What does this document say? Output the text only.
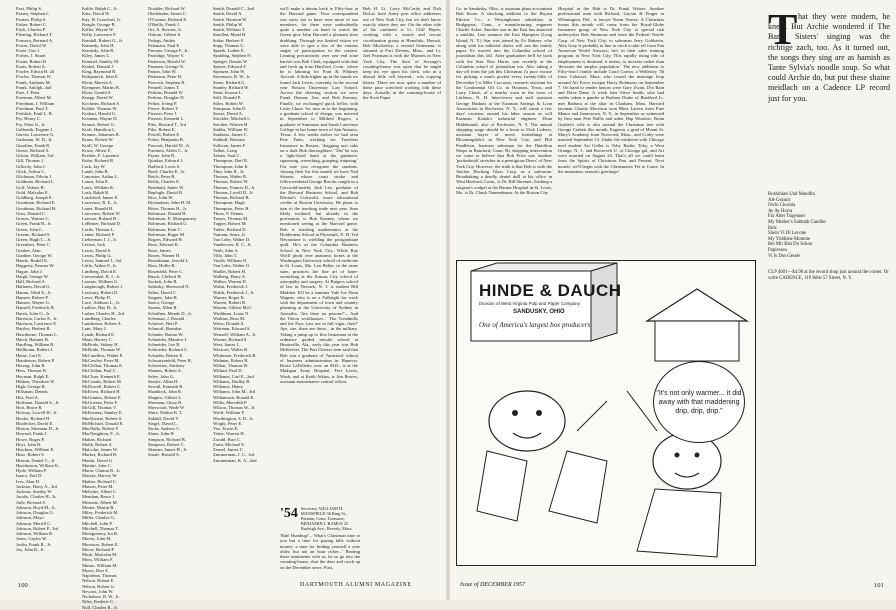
Faxt, Philip S.
Fearey, Stephen L.
Fenton, Philip S.
Fisher, Robert C.
Fitch, Charles F.
Fleming, Richard T.
Fonseca, Bernard A.
Fower, David W.
Foote, Gus J.
Forbes, J. Stuart
Foster, Robert B.
Fouts, Robert A.
Fowler, Edwin H. 2d
Fowler, Thomas W.
Frank, Anthony M.
Frank, Adolph, 2nd
Free, J. Peter
Freeman, Albert M.
Friedman, J. William
Friedman, Paul T.
Froblich, Emil L. B.
Fry, Henry C.
Fry, Peter G., Jr.
Galbraith, Eugene J.
Garvin, Lawrence G.
Gashman, W. D., Jr.
Giardino, Frank R.
Gieser, Richard A.
Gilson, William, 3rd
Gill, Thomas J.
Gillooly, John J.
Glick, Arthur C.
Glickman, Edwin J.
Goldman, Richard L.
Goff, Volney B.
Gold, Malcolm E.
Goldberg, Joseph E.
Goodman, Richard E.
Goodman, Richard H.
Goss, Donald C.
Graves, Warner C.
Green, Frank R., Jr.
Green, John C.
Greene, Richard S.
Green, Hugh C., Jr.
Greenlees, Peter C.
Grether, Alan
Gunther, George W.
Haerle, Rudolf K.
Haggerty, Pasmer W.
Hague, John J.
Haigh, George W.
Hall, Richard A.
Hallaren, David G.
Hamm, Ward E., Jr.
Hansen, Robert P.
Hansen, Wayne G.
Hansell, Frederick R.
Harris, John G., Jr.
Harrison, Carlos E., Jr.
Harrison, Lawrence E.
Hartley, Herbert R.
Hawthorne, Thomas L.
Hatch, Hamner B.
Haufling, William R.
Heilbronn, Robert J.
Heinz, Carl E.
Henderson, Robert P.
Herzog, John B.
Hess, Thomas B.
Heyman, Ralph E.
Hibben, Theodore W.
High, George B.
Hillsman, Dennis
Hitt, Fred A.
Hoffman, Donald S., Jr.
Hoit, Bruce R.
Holway, Lowell H., Jr.
Hooke, Richard H.
Hordecker, David E.
Horton, Sherman D., Jr.
Howard, Frank J.
Howe, Roger P.
Hoyt, John B.
Hutchins, William E.
Huse, Robert S.
Huston, Daniel C., Jr.
Hutchinson, William K.
Hyde, William F.
Isaacs, Earl D.
Ives, Alan H.
Jackson, Harry A., 3rd
Jackson, Stanley W.
Jacobs, Charles H., Jr.
Jaffe, Richard S.
Johnson, Boyd M., Jr.
Johnson, Douglas G.
Johnson, Mayo
Johnson, Merrill C.
Johnson, Robert P., 3rd
Johnson, William R.
Jones, Gaylor W.
Joslin, Frank R., Jr.
Joy, John R., Jr.
Kahle, Ralph C., Jr.
Katz, David W.
Kay, H. Crawford, Jr.
Keagle, George B.
Keller, Wayne W.
Kelly, Lawrence F.
Kendall, Robert G., Jr.
Kennedy, John H.
Kennedy, John R.
Kiley, James L.
Kimmel, Stanley M.
Kinkel, Donald J.
King, Raymond B.
Kirkpatrick, John E.
Klein, Marvin A.
Klempner, Martin B.
Klotz, Gerald S.
Knapp, David W.
Kocheim, Richard S.
Kohler, Thomas W.
Kothari, Harold G.
Kotanen, Wayne D.
Krause, Robert G.
Kraft, Hamilton L.
Kramer, Johannes R.
Kraus, Robert W.
Krull, W. George
Kruse, Albert F.
Kreider, F. Laurence
Kuhn, Richard B.
Lack, Jay W.
Lamb, John B.
Lancaster, Arthur L.
Lanza, John E.
Larry, William R.
Lash, Ralph R.
Latchford, James E.
Lawrence, R. E., Jr.
Lauer, Ronald H.
Lawrence, Robert W.
Lawson, Roland B.
LeBeuter, Richard D.
Leeds, Thomas L.
Lenter, Richard F.
Lieberman, I. J., Jr.
Levine, Jack
Lewis, David S.
Lewis, Philip G.
Lewis, Samuel J., 3rd
Little, Arthur F., Jr.
Lindberg, David E.
Loewenthal, R. J., Jr.
Loomis, William G.
Longbrough, Robert J.
Lowbury, Robert D.
Lowe, Philip D.
Luce, Addison L., Jr.
Ludlow, Ray H., Jr.
Luther, Charles H., 3rd
Lundberg, Charles
Lundstrom, Robert A.
Lunt, Mary J.
Lynah, Richard E.
Maas, Harvey C.
McBride, Sidney H.
McBride, Thomas W.
McCandless, Walter P.
McCawley, Peter M.
McClellan, Thomas E.
McClellan, Paul C.
McClure, Kenneth E.
McCombs, Robert M.
McDowell, Robert C.
McEwen, Richard H.
McGinniss, Robert E.
McGovern, Peter F.
McGill, Thomas V.
McKenney, Stanley E.
MacKenzie, Robert S.
McMichael, Donald E.
MacNally, Robert F.
MacNaughton, F., Jr.
Mahan, Richard
Malik, Robert A.
Malcolm, James W.
Marker, Richard B.
Martin, David G.
Martini, John C.
Marra, Clinton R., Jr.
Massey, Harvey W.
Mather, Richard C.
Matson, Peter M.
Melicher, Albert C.
Mendam, Bruce J.
Meseritz, Albert M.
Mester, Martin B.
Miley, Frederick M.
Miller, Charles G.
Mitchell, John P.
Mitchell, Thomas T.
Montgomery, Ira B.
Morris, John M.
Morrison, Robert E.
Morse, Richard P.
Mosk, Malcolm M.
Moss, William F.
Munro, William M.
Myers, Don A.
Napoleon, Thomas
Nelson, Robert E.
Nelson, Robert G.
Newton, John W.
Nicholson, R. W., Jr.
Niles, Frederic C.
Noll, Charles R., Jr.
Noulder, Richard W.
Oberlander, James C.
O'Connor, Richard E.
O'Reilly, Frank J.
Orr, A. Stewart, Jr.
Osborn, Gilbert S.
Padegs, Andris
Palamara, Paul E.
Parsons, George F., Jr.
Partridge, Wayne V.
Patterson, Harold W.
Pasanen, George N.
Patton, John W.
Patterson, Peter H.
Peacock, Stephen R.
Pennell, James T.
Perkins, Donald W.
Perkins, Douglas D.
Peiker, Irving P.
Pierce, Robert T.
Pierson, Peter J.
Pierson, Kenneth L.
Pitts, Howard T., 3rd
Pike, Robert E.
Powell, Robert E.
Potter, Benjamin B.
Prescott, Harold W., Jr.
Purinton, Alden C., Jr.
Payne, John B.
Quinlan, Edward J.
Radford, Louis S.
Reed, Charles E., Jr.
Reich, Peter B.
Reilly, Charles E.
Reinhard, James W.
Replogle, David R.
Rice, John W.
Richardson, John H. M.
Ritter, Thomas H., Jr.
Robinson, Donald H.
Robinson, E. Montgomery
Robinson, Richard G.
Robinson, Kent C.
Robinson, Roger M.
Rogers, Edward H.
Rose, Edward K.
Rose, James
Rosen, Warner H.
Rosenbaum, Jerrold L.
Ross, Hollis R.
Rosenfeld, Peter C.
Rusch, Clifford H.
Sackett, John R.
Salinsky, Sherwood N.
Salter, David C.
Sargent, John R.
Sartor, George
Sauers, Allen R.
Schaffner, Meade D., Jr.
Scheman, J. Ronald
Schiever, Bert P.
Schmoff, Brandon
Schuder, Barton W.
Schneider, Maurice J.
Schneider, Lee B.
Schroeder, Richard C.
Schaefer, Robert E.
Schwarzenfeld, Peter B.
Schweizer, Anthony
Shaines, Robert A.
Selee, John G.
Sessler, Allan H.
Sewall, Kenneth R.
Shaddock, John R.
Shapiro, Gilbert L.
Sherman, Oscar R.
Sherwood, Wade W.
Shire, Walton K. T.
Siddall, David V.
Siegel, David L.
Sachs, Andrew C.
Slater, John H.
Simpson, Richard B.
Sampson, Robert C.
Skinner, James H., Jr.
Smale, Russell S.
Smith, Donald C., 2nd
Smith, David A.
Smith, Harmon W.
Smith, Philip W.
Smith, William T.
Smollen, Mead H.
Sohar, Herbert F.
Sopp, Thomas C.
Spaeth, Luther E.
Spalding, Stephen N.
Spiegel, Dennis W.
Spitzer, Edward F.
Sprinzer, John W.
Stevenson, R. W., Jr.
Stone, Richard G.
Stanley, Richard W.
Stein, Jerome L.
Stiff, Donald P.
Stiles, Robert W.
Stimpson, John D.
Stowe, David A.
Strickler, Mitchell L.
Strother, Warren H.
Stubbs, William W.
Studness, James C.
Sudduff, Bertram
Sullivan, James F.
Talbot, Craig
Talaeo, Saul C.
Thompson, Darl R.
Thompson, John K.
Thin, John R., Jr.
Thomas, Walter R.
Thomas, Robert W.
Thomas, Francis D., Jr.
Thomas, Lovell D., Jr.
Thomas, Richard B.
Thompson, Hugh
Thompson, Peter H.
Thrax, P. Dennis
Trayes, Thomas M.
Tupper, Robert M.
Tutlee, Richard D.
Varnum, Sears, Jr.
Van Lobe, Walter D.
Vanderveer, R. C., Jr.
Veith, John A.
Villa, John T.
Vitalis, William N.
Von Lehe, Walter O.
Wadler, Robert H.
Walberg, Harry E.
Walker, Warren D.
Walsh, Frederick J.
Walsh, Frederick J., Jr.
Warner, Roger K.
Warren, Robert B.
Warren, Gilbert McC.
Washburn, Louis N.
Watkins, Ross M.
Weiss, Donald A.
Weitman, Edward S.
Wenzell, William A., Jr.
Werner, Richard S.
West, James L.
Westcott, Walter R.
Whitmore, Frederick B.
Widman, Robert H.
Wilbur, Thomas W.
Willard, Paul D.
Williams, Carl E., 2nd
Williams, Dudley R.
Williams, Henry
Williams, John M., 3rd
Williamson, Ronald E.
Willis, Meredith P.
Wilson, Thomas W., Jr.
Wolff, William F.
Worthington, S. D., Jr.
Wright, Peter E.
Yeo, Erwin E.
Yetter, Warren H.
Zacahl, Burt C.
Zarin, Michael S.
Zensel, James T.
Zimmerman, J. C., 3rd
Zimmerman, K. A., 2nd
we'll make a detour back to Fifty-four at the Harvard game. Your correspondent was sorry not to have seen more of our members, for there were undoubtedly quite a number on hand to watch the Green give John Harvard a pleasant shoe drubbing. Through our limited vision we were able to spot a few of the various stages of participation in the contest. Leaning precariously over one end zone barrier was Bob Clark, equipped with date and fresh up from Hartford, Conn., where he is laboring for Pratt & Whitney Aircraft. A little higher up in the stands we found Jack Lewis, currently in the second year Boston University Law School. Across the cheering section we were Frank Denton, Jess and Bob Kenney. Finally, we exchanged quick hellos with Lexie Chase. So, now as to the beginning, a graduate school of design, was married in September to Mildred Rogers, a graduate of Simmons and Sarah Lawrence College in her home town of San Antonio, Texas. A few weeks earlier we had seen Pete Yates, working for Travelers Insurance in Boston, 'dragging taxi cabs on a dark Hub thoroughfare.' 'Dat' be was a light-fixed hand at the guidance, squeezing, wrenching, grasping, traipsing.' I'm sure you recognize the students. Among their list this month we have Ned Stearns, whose court stroke and fellowweekend George Brooks caught in a Cotswold-nearby Jack Lee, graduate of the Harvard Business School, and Bob Denton's Cotswold, more educational credits at Boston University. He plans to turn to the teaching trade next year. Sure likely inclined, but already in the profession, is Bob Kenney, whom we mentioned seeing at the Harvard game. Bob is teaching mathematics at the Holderness School in Plymouth, N. H. Ted Nevasmore is wielding the postgraduate quill. He's at the Columbia Business School in New York City. While Ray Wolff plods over anatomic bones at the Washington University school of medicine in St. Louis, Mo. Len Belier, in the same state, practices the fine art of bone-wrenching at the Kansas City school of osteopathy and surgery. At Rutgers school of law in Newark, N. J. is student Bill Madden. It'll be a summer Vale Joe Dean Wagner, who is on a Fulbright for work with the department of town and country planning at the University of Sydney in Australia. 'Are there no prisons?'... And the Union workhouses...' The Treadmills and the Poor Law are in full vigor, then?' Aye, sire, there are these... in the military. Taking a jump up to first lieutenant at the ordnance guided missile school at Huntsville, Ala., early this year was Bob McKeever. The Port Chester item said that Bob was a graduate of 'Amistock' school of business administration in Hanover. Bruce LaFollette, now an M.D., is at the Madigan Army Hospital, Fort Lewis, Wash. and at Keith Atkins, is Jim Bowes, assistant maintenance control officer.
'54 Secretary, WILLIAM H. MANSFIELD 36 Ring St., Putnam, Conn. Treasurer, BENJAMIN J. RAMOS 25 Burleigh Ave., Beverly, Mass.
'Bah! Humbug!'... What's Christmas time to you but a time for paying bills without money; a time for finding yourself a year older, but not an hour richer...' Bearing these sentiments with us, let us go into the counting-house, shut the door and catch up on the December news. First,
Bob H. Lt. Larry McCardy and Dalt DuLac have Army post office addresses out of New York City, but we don't know exactly where they are. On the other side of the continent is Lt. Cliff Hayes, working with a search and rescue coordination group at Honolulu, Hawaii. Bob Mockerley, a second lieutenant, is situated at Fort Devens, Mass., and Lt. Joel Pearman is with the Marines in New York City. The door of Scrooge's counting-house was open that he might keep his eye upon his clerk, who in a dismal little cell beyond... was copying letters. There are now quite a number of these poor wretched working folk these days. Actually in the counting-house of the Scott Paper
100	DARTMOUTH ALUMNI MAGAZINE
Co. in Sandusky, Ohio, is assistant plant accountant Bob Incan. A shocking addition to the Bryant Electric Co., a Westinghouse subsidiary in Bridgeport, Conn., a manufacturing engineer Charlie Acker. Another star in the East has attracted a satellite. Last summer the East Hampton (Long Island, N. Y.) Star was joined by Ev Rattner, who along with his editorial duties will run the family paper. Ev moved into the Columbia school of journalism this fall. After graduation he'll be back with the Star. Ron Harris was recently at the Columbia school of journalism too. Also taking a day-off from the job this Christmas ('a poor excuse for picking a man's pocket every twenty-fifth of December') is Mike Corcoran, research assistant for the Continental Oil Co. in Houston, Texas, and Larry Chase, of a nearby town in the town of Littleton, N. H. Interviewer and staff assistant George Haskins at the Eastman Savings & Loan Association in Rochester, N. Y., will sneak a few days' vacation around his labor season as will Eastman Kodak's industrial engineer Dean Hildebrandt, also of Rochester, N. Y. The annual shopping surge should be a boon to Dick Lederer, assistant buyer of men's furnishings at Bloomingdale's in New York City, and Phil Pendleton, business salesman for the Hamilton Shops in Branford, Conn. By shopping intervention we come to believe that Bob Price was 'another 'pocketbook' stretcher in a prestigious Deers' of New York City. However, the truth is that Bob is with the Anchor Hocking Glass Corp. as a salesman. Broadtaking a deadly deniel drill at his office in West Hartford, Conn., is Dr. Bill Shreiner, flushing a surgeon's scalpel at the Barnes Hospital in St. Louis, Mo. is Dr. Chuck Tannenbaum. At the Boston City
Hospital in the Hub is Dr. Frank Weiser. Another professional man with Richard, Layton & Finger in Wilmington, Del., is lawyer Norm Veasey. A Christmas bonus this month will come from the Royal-Globe Insurance group of New York City to special risk underwriter Bob Simmons and from the Federal Textile Corp. of New York City, to salesman Jerry Goldstein. Alex Gray is probably in line to catch a rake-off from Pan American World Airways; he's in their sales training program in New York City. This rapidly rising tide of employment is destined, it seems, to increase rather than 'decrease the surplus population.' The new additions to Fifty-four's family include Carol Cravin, a Wellesley '56 from Cohasset, Mass. who tossed the marriage loop around Air Force escaper Harry Robinson on September 7. On hand to render honors were Gary Zwart, Dix Bain and Dave Dane. A week later Steve Smith, who had earlier taken a gander at Barbara Drake of Bradford Jr., met Barbara at the altar in Chatham, Mass. Harvard lawman Charlie Morrison won Rhea Larsen from Pine Manor and Jamestown, N. Y., in September as witnessed by best man Pete Bullis and usher Hap Winslow. Brian Gushee's wife is also around the Christmas tree with George Corbett this month. Eugenia, a grad of Mount St. Mary's Academy from Norwood, Mass., and Corky were married September 14. Under the mistletoe with Chicago med student Art Geller is Toby Radio; Toby, a West Orange, N. J., and Roosevelt U. of Chicago gal, and Art were married on August 25. That's all we could learn from the Spirits of Christmas Past and Present. Next month, we'll begin with the Christmases Yet to Come. In the meantime, season's greetings!
HINDE & DAUCH
Division of West Virginia Pulp and Paper Company
SANDUSKY, OHIO
One of America's largest box producers
"It's not only warmer... it did away with that maddening drip, drip, drip."
T hat they were modern, he knew. But Archie wondered if The Barry Sisters' singing was the richtige zach, too. As it turned out, the songs they sing are as hamish as Tante Sylvia's noodle soup. So what could Archie do, but put these shaine meidlach on a Cadence LP record just for you.
Roshinkes Und Mandlin
Ale Gezunt
Otchi Chornia
Ay Ay Horra
Far Alter Tsigeuner
My Mother's Sabbath Candles
Belz
Shein Vi Di Levone
My Yiddishe Momme
Bei Mir Bist Du Schon
Papirosen
Vi Is Dos Gesele
CLP 4001—$4.98 at the record shop just around the corner. Or write CADENCE, 119 West 57 Street, N. Y.
Issue of DECEMBER 1957	101
